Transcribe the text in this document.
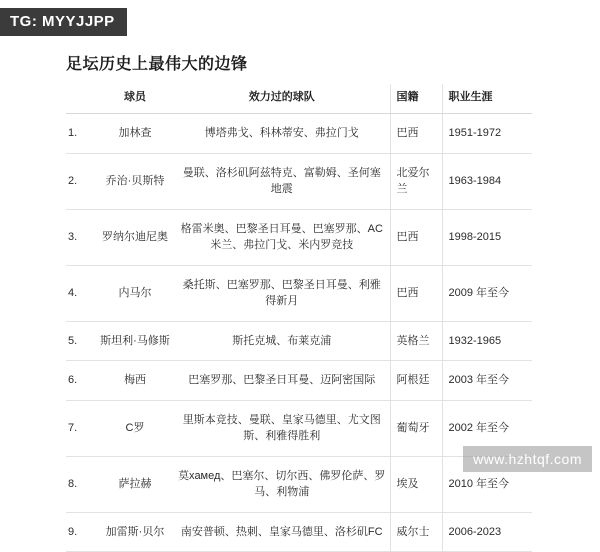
TG: MYYJJPP
足坛历史上最伟大的边锋
	球员	效力过的球队	国籍	职业生涯
1.	加林查	博塔弗戈、科林蒂安、弗拉门戈	巴西	1951-1972
2.	乔治·贝斯特	曼联、洛杉矶阿兹特克、富勒姆、圣何塞地震	北爱尔兰	1963-1984
3.	罗纳尔迪尼奥	格雷米奥、巴黎圣日耳曼、巴塞罗那、AC米兰、弗拉门戈、米内罗竞技	巴西	1998-2015
4.	内马尔	桑托斯、巴塞罗那、巴黎圣日耳曼、利雅得新月	巴西	2009 年至今
5.	斯坦利·马修斯	斯托克城、布莱克浦	英格兰	1932-1965
6.	梅西	巴塞罗那、巴黎圣日耳曼、迈阿密国际	阿根廷	2003 年至今
7.	C罗	里斯本竞技、曼联、皇家马德里、尤文图斯、利雅得胜利	葡萄牙	2002 年至今
8.	萨拉赫	莫хамед、巴塞尔、切尔西、佛罗伦萨、罗马、利物浦	埃及	2010 年至今
9.	加雷斯·贝尔	南安普顿、热刺、皇家马德里、洛杉矶FC	威尔士	2006-2023
www.hzhtqf.com
